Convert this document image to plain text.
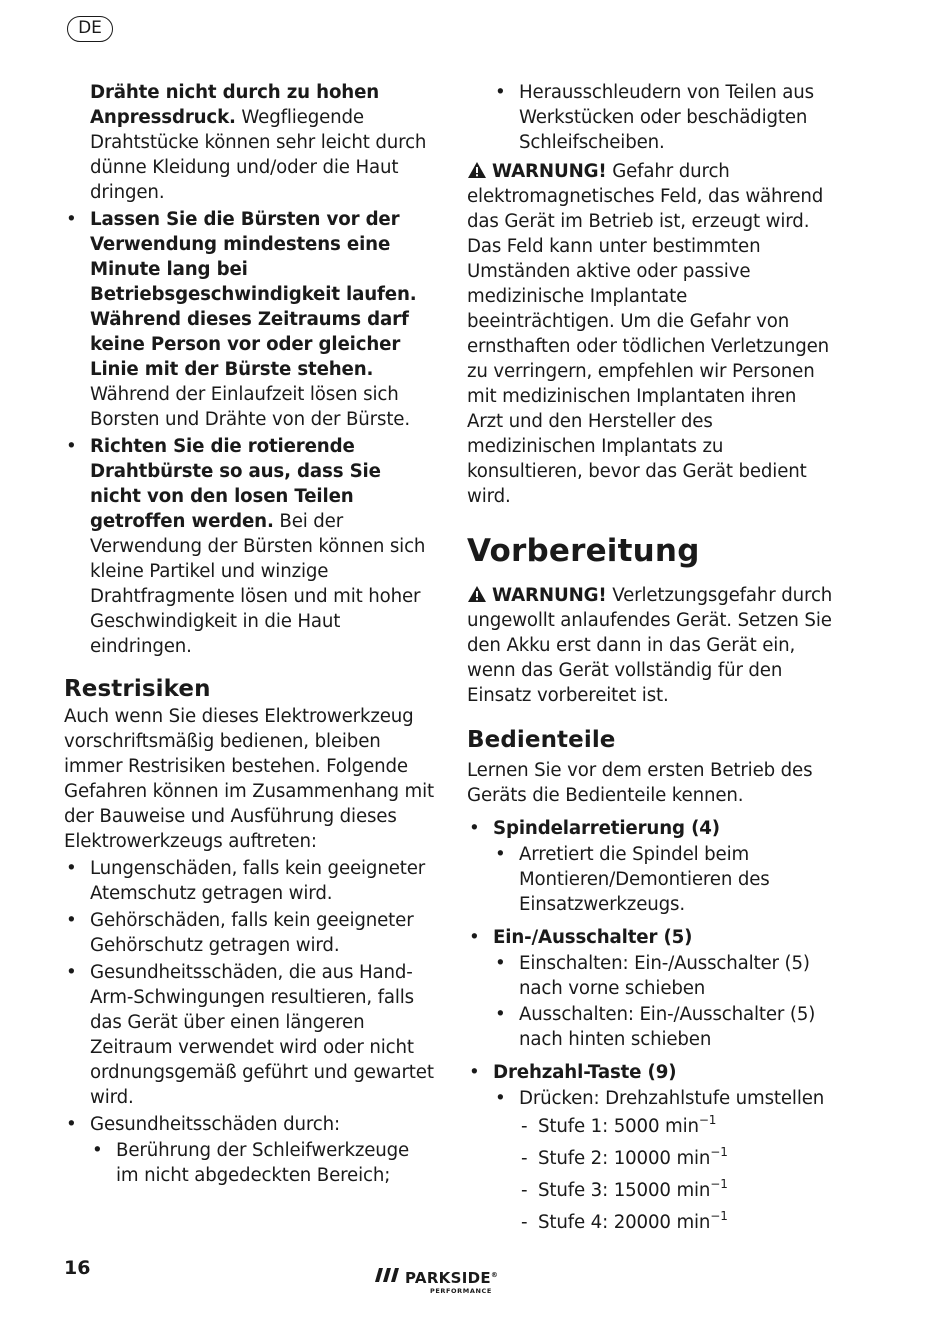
DE

Drähte nicht durch zu hohen Anpressdruck. Wegfliegende Drahtstücke können sehr leicht durch dünne Kleidung und/oder die Haut dringen.

• Lassen Sie die Bürsten vor der Verwendung mindestens eine Minute lang bei Betriebsgeschwindigkeit laufen. Während dieses Zeitraums darf keine Person vor oder gleicher Linie mit der Bürste stehen. Während der Einlaufzeit lösen sich Borsten und Drähte von der Bürste.
• Richten Sie die rotierende Drahtbürste so aus, dass Sie nicht von den losen Teilen getroffen werden. Bei der Verwendung der Bürsten können sich kleine Partikel und winzige Drahtfragmente lösen und mit hoher Geschwindigkeit in die Haut eindringen.
Restrisiken

Auch wenn Sie dieses Elektrowerkzeug vorschriftsmäßig bedienen, bleiben immer Restrisiken bestehen. Folgende Gefahren können im Zusammenhang mit der Bauweise und Ausführung dieses Elektrowerkzeugs auftreten:

• Lungenschäden, falls kein geeigneter Atemschutz getragen wird.
• Gehörschäden, falls kein geeigneter Gehörschutz getragen wird.
• Gesundheitsschäden, die aus Hand-Arm-Schwingungen resultieren, falls das Gerät über einen längeren Zeitraum verwendet wird oder nicht ordnungsgemäß geführt und gewartet wird.
• Gesundheitsschäden durch:
• Berührung der Schleifwerkzeuge im nicht abgedeckten Bereich;
• Herausschleudern von Teilen aus Werkstücken oder beschädigten Schleifscheiben.

WARNUNG! Gefahr durch elektromagnetisches Feld, das während das Gerät im Betrieb ist, erzeugt wird. Das Feld kann unter bestimmten Umständen aktive oder passive medizinische Implantate beeinträchtigen. Um die Gefahr von ernsthaften oder tödlichen Verletzungen zu verringern, empfehlen wir Personen mit medizinischen Implantaten ihren Arzt und den Hersteller des medizinischen Implantats zu konsultieren, bevor das Gerät bedient wird.

Vorbereitung

WARNUNG! Verletzungsgefahr durch ungewollt anlaufendes Gerät. Setzen Sie den Akku erst dann in das Gerät ein, wenn das Gerät vollständig für den Einsatz vorbereitet ist.

Bedienteile

Lernen Sie vor dem ersten Betrieb des Geräts die Bedienteile kennen.

• Spindelarretierung (4)
• Arretiert die Spindel beim Montieren/Demontieren des Einsatzwerkzeugs.
• Ein-/Ausschalter (5)
• Einschalten: Ein-/Ausschalter (5) nach vorne schieben
• Ausschalten: Ein-/Ausschalter (5) nach hinten schieben
• Drehzahl-Taste (9)
• Drücken: Drehzahlstufe umstellen
- Stufe 1: 5000 $\min^{-1}$
- Stufe 2: 10000 $\min^{-1}$
- Stufe 3: 15000 $\min^{-1}$
- Stufe 4: 20000 $\min^{-1}$
16	PARKSIDE®
PERFORMANCE
